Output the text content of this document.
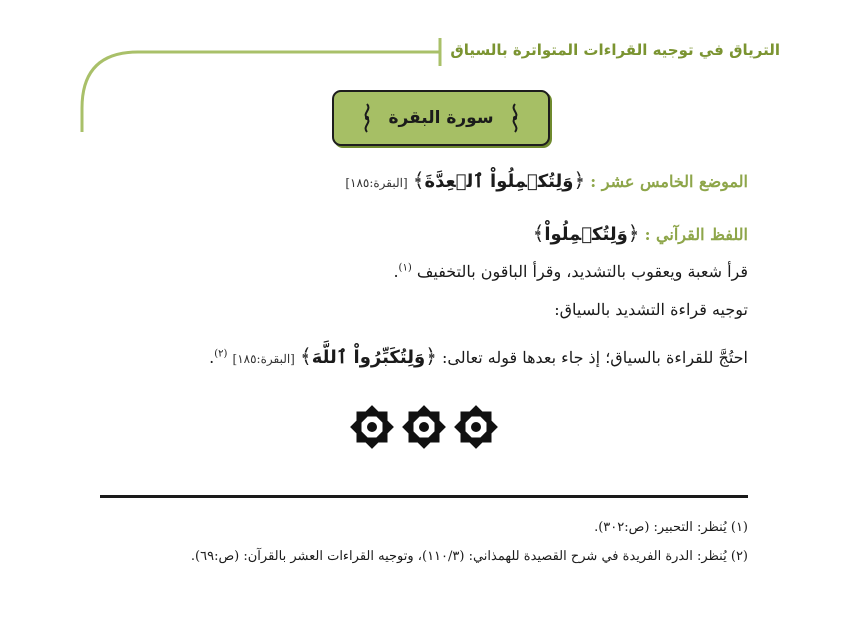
الترياق في توجيه القراءات المتواترة بالسياق
سورة البقرة
الموضع الخامس عشر : ﴿وَلِتُكۡمِلُواْ ٱلۡعِدَّةَ﴾ [البقرة:١٨٥]
اللفظ القرآني : ﴿وَلِتُكۡمِلُواْ﴾
قرأ شعبة ويعقوب بالتشديد، وقرأ الباقون بالتخفيف $^{(١)}$.
توجيه قراءة التشديد بالسياق:
احتُجَّ للقراءة بالسياق؛ إذ جاء بعدها قوله تعالى: ﴿وَلِتُكَبِّرُواْ ٱللَّهَ﴾ [البقرة:١٨٥] $^{(٢)}$.
(١) يُنظر: التحبير: (ص:٣٠٢).
(٢) يُنظر: الدرة الفريدة في شرح القصيدة للهمذاني: (١١٠/٣)، وتوجيه القراءات العشر بالقرآن: (ص:٦٩).
